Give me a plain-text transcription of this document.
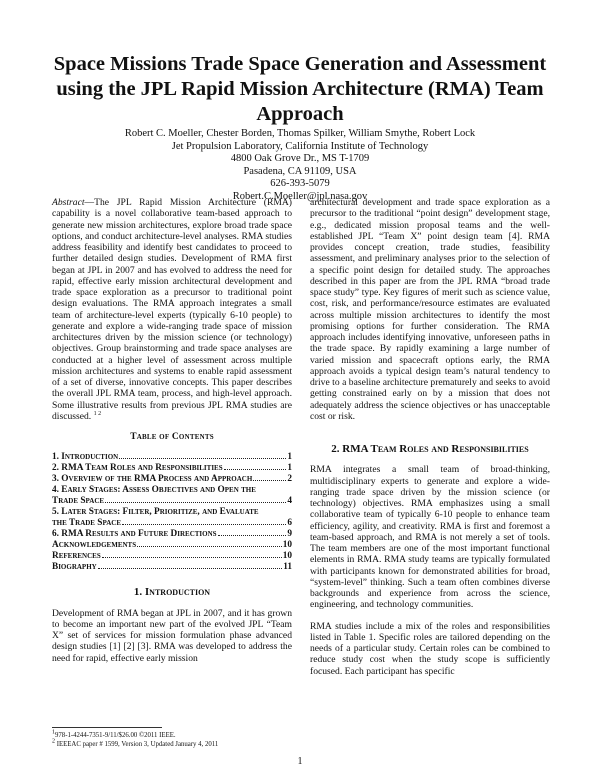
Space Missions Trade Space Generation and Assessment using the JPL Rapid Mission Architecture (RMA) Team Approach
Robert C. Moeller, Chester Borden, Thomas Spilker, William Smythe, Robert Lock
Jet Propulsion Laboratory, California Institute of Technology
4800 Oak Grove Dr., MS T-1709
Pasadena, CA 91109, USA
626-393-5079
Robert.C.Moeller@jpl.nasa.gov

Abstract—The JPL Rapid Mission Architecture (RMA) capability is a novel collaborative team-based approach to generate new mission architectures, explore broad trade space options, and conduct architecture-level analyses. RMA studies address feasibility and identify best candidates to proceed to further detailed design studies. Development of RMA first began at JPL in 2007 and has evolved to address the need for rapid, effective early mission architectural development and trade space exploration as a precursor to traditional point design evaluations. The RMA approach integrates a small team of architecture-level experts (typically 6-10 people) to generate and explore a wide-ranging trade space of mission architectures driven by the mission science (or technology) objectives. Group brainstorming and trade space analyses are conducted at a higher level of assessment across multiple mission architectures and systems to enable rapid assessment of a set of diverse, innovative concepts. This paper describes the overall JPL RMA team, process, and high-level approach. Some illustrative results from previous JPL RMA studies are discussed. $^{1 2}$

Table of Contents
1. Introduction	1
2. RMA Team Roles and Responsibilities	1
3. Overview of the RMA Process and Approach	2
4. Early Stages: Assess Objectives and Open the
Trade Space	4
5. Later Stages: Filter, Prioritize, and Evaluate
the Trade Space	6
6. RMA Results and Future Directions	9
Acknowledgements	10
References	10
Biography	11
1. Introduction

Development of RMA began at JPL in 2007, and it has grown to become an important new part of the evolved JPL “Team X” set of services for mission formulation phase advanced design studies [1] [2] [3]. RMA was developed to address the need for rapid, effective early mission

architectural development and trade space exploration as a precursor to the traditional “point design” development stage, e.g., dedicated mission proposal teams and the well-established JPL “Team X” point design team [4]. RMA provides concept creation, trade studies, feasibility assessment, and preliminary analyses prior to the selection of a specific point design for detailed study. The approaches described in this paper are from the JPL RMA “broad trade space study” type. Key figures of merit such as science value, cost, risk, and performance/resource estimates are evaluated across multiple mission architectures to identify the most promising options for further consideration. The RMA approach includes identifying innovative, unforeseen paths in the trade space. By rapidly examining a large number of varied mission and spacecraft options early, the RMA approach avoids a typical design team’s natural tendency to drive to a baseline architecture prematurely and seeks to avoid getting constrained early on by a mission that does not adequately address the science objectives or has unacceptable cost or risk.

2. RMA Team Roles and Responsibilities

RMA integrates a small team of broad-thinking, multidisciplinary experts to generate and explore a wide-ranging trade space driven by the mission science (or technology) objectives. RMA emphasizes using a small collaborative team of typically 6-10 people to enhance team efficiency, agility, and creativity. RMA is first and foremost a team-based approach, and RMA is not merely a set of tools. The team members are one of the most important functional elements in RMA. RMA study teams are typically formulated with participants known for demonstrated abilities for broad, “system-level” thinking. Such a team often combines diverse backgrounds and experience from across the science, engineering, and technology communities.

RMA studies include a mix of the roles and responsibilities listed in Table 1. Specific roles are tailored depending on the needs of a particular study. Certain roles can be combined to reduce study cost when the study scope is sufficiently focused. Each participant has specific

$^1$978-1-4244-7351-9/11/$26.00 ©2011 IEEE.
$^2$ IEEEAC paper # 1599, Version 3, Updated January 4, 2011
1
